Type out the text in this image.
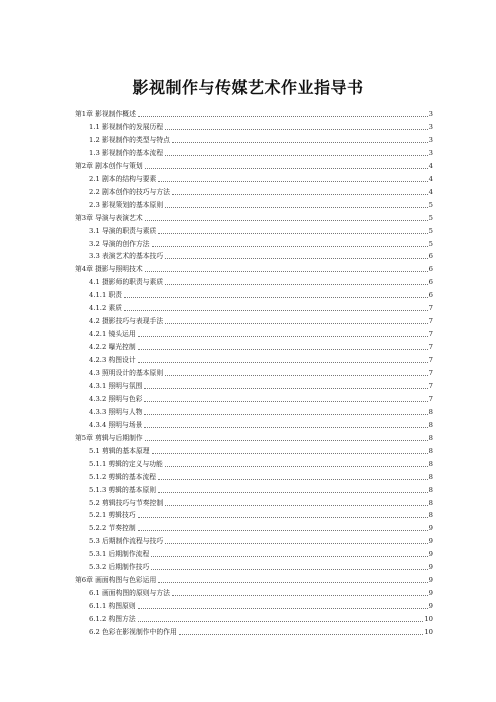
影视制作与传媒艺术作业指导书
第1章 影视制作概述	3
1.1 影视制作的发展历程	3
1.2 影视制作的类型与特点	3
1.3 影视制作的基本流程	3
第2章 剧本创作与策划	4
2.1 剧本的结构与要素	4
2.2 剧本创作的技巧与方法	4
2.3 影视策划的基本原则	5
第3章 导演与表演艺术	5
3.1 导演的职责与素质	5
3.2 导演的创作方法	5
3.3 表演艺术的基本技巧	6
第4章 摄影与照明技术	6
4.1 摄影师的职责与素质	6
4.1.1 职责	6
4.1.2 素质	7
4.2 摄影技巧与表现手法	7
4.2.1 镜头运用	7
4.2.2 曝光控制	7
4.2.3 构图设计	7
4.3 照明设计的基本原则	7
4.3.1 照明与氛围	7
4.3.2 照明与色彩	7
4.3.3 照明与人物	8
4.3.4 照明与场景	8
第5章 剪辑与后期制作	8
5.1 剪辑的基本原理	8
5.1.1 剪辑的定义与功能	8
5.1.2 剪辑的基本流程	8
5.1.3 剪辑的基本原则	8
5.2 剪辑技巧与节奏控制	8
5.2.1 剪辑技巧	8
5.2.2 节奏控制	9
5.3 后期制作流程与技巧	9
5.3.1 后期制作流程	9
5.3.2 后期制作技巧	9
第6章 画面构图与色彩运用	9
6.1 画面构图的原则与方法	9
6.1.1 构图原则	9
6.1.2 构图方法	10
6.2 色彩在影视制作中的作用	10
